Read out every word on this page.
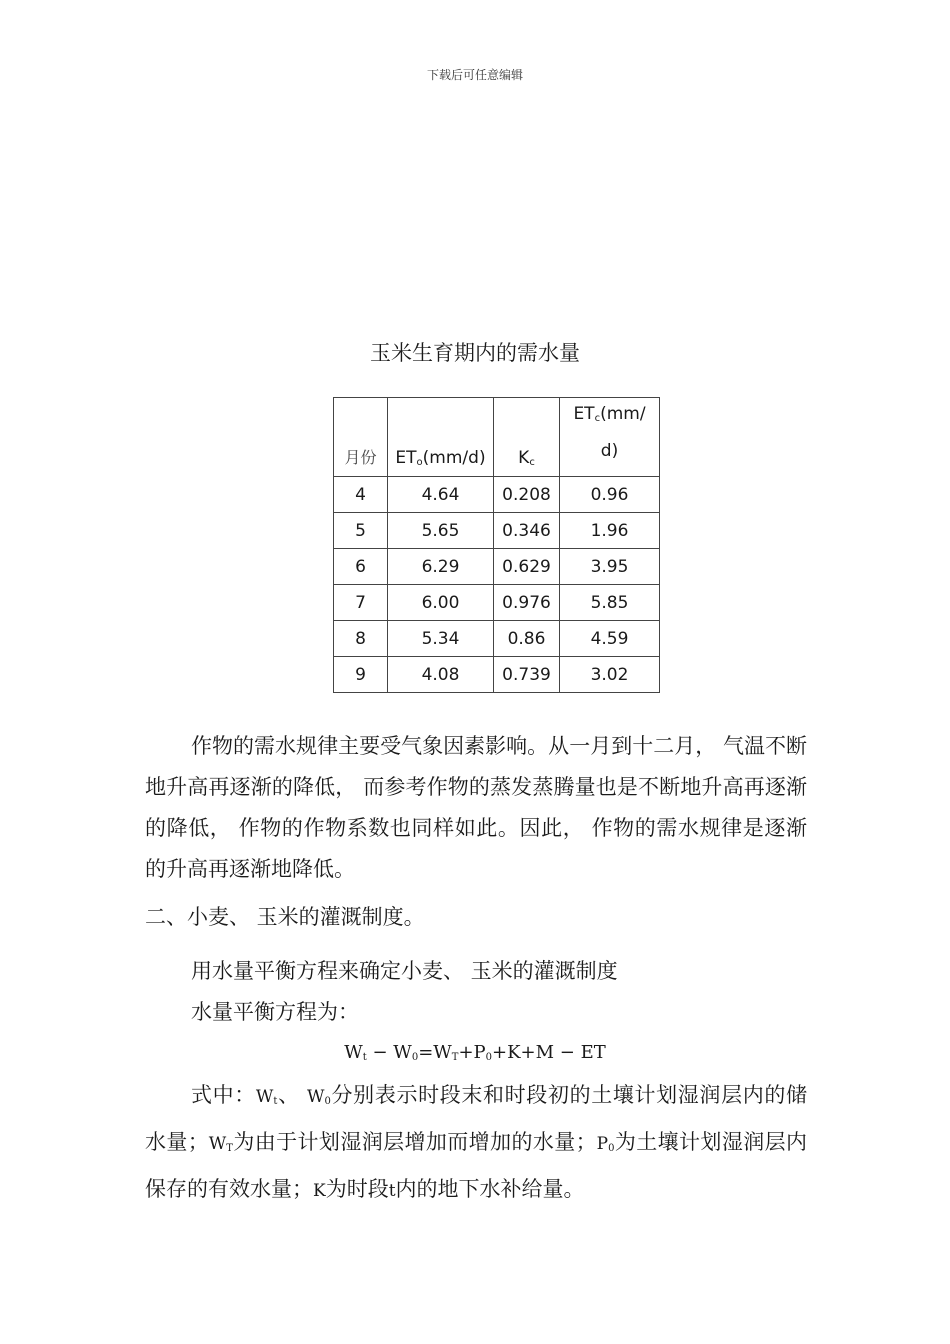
下载后可任意编辑
玉米生育期内的需水量
月份	$ET_o(mm/d)$	$K_c$	$ET_c(mm/$
d)
4	4.64	0.208	0.96
5	5.65	0.346	1.96
6	6.29	0.629	3.95
7	6.00	0.976	5.85
8	5.34	0.86	4.59
9	4.08	0.739	3.02
作物的需水规律主要受气象因素影响。从一月到十二月， 气温不断地升高再逐渐的降低， 而参考作物的蒸发蒸腾量也是不断地升高再逐渐的降低， 作物的作物系数也同样如此。因此， 作物的需水规律是逐渐的升高再逐渐地降低。
二、小麦、 玉米的灌溉制度。
用水量平衡方程来确定小麦、 玉米的灌溉制度
水量平衡方程为：
$W_t - W_0=W_T+P_0+K+M$ − ET
式中：$W_t$、 $W_0$分别表示时段末和时段初的土壤计划湿润层内的储水量；$W_T$为由于计划湿润层增加而增加的水量；$P_0$为土壤计划湿润层内保存的有效水量；K为时段t内的地下水补给量。
